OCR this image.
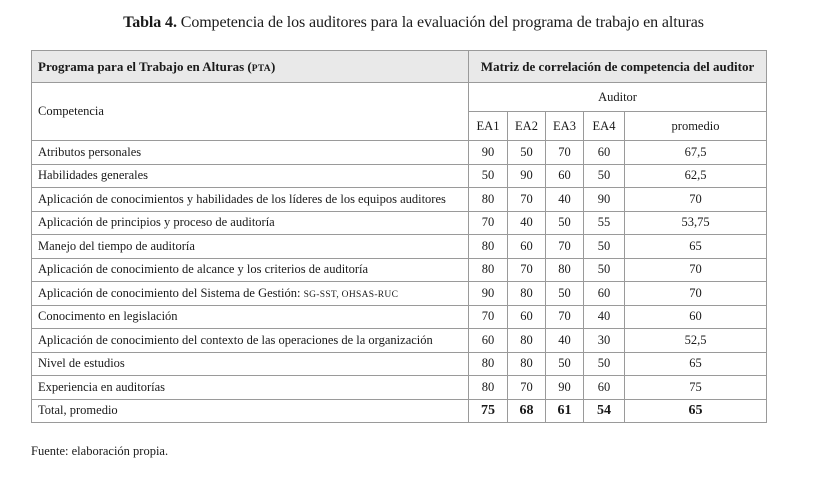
Tabla 4. Competencia de los auditores para la evaluación del programa de trabajo en alturas
Programa para el Trabajo en Alturas (PTA)	Matriz de correlación de competencia del auditor				
Competencia	Auditor				
	EA1	EA2	EA3	EA4	promedio
Atributos personales	90	50	70	60	67,5
Habilidades generales	50	90	60	50	62,5
Aplicación de conocimientos y habilidades de los líderes de los equipos auditores	80	70	40	90	70
Aplicación de principios y proceso de auditoría	70	40	50	55	53,75
Manejo del tiempo de auditoría	80	60	70	50	65
Aplicación de conocimiento de alcance y los criterios de auditoría	80	70	80	50	70
Aplicación de conocimiento del Sistema de Gestión: SG-SST, OHSAS-RUC	90	80	50	60	70
Conocimento en legislación	70	60	70	40	60
Aplicación de conocimiento del contexto de las operaciones de la organización	60	80	40	30	52,5
Nivel de estudios	80	80	50	50	65
Experiencia en auditorías	80	70	90	60	75
Total, promedio	75	68	61	54	65
Fuente: elaboración propia.
